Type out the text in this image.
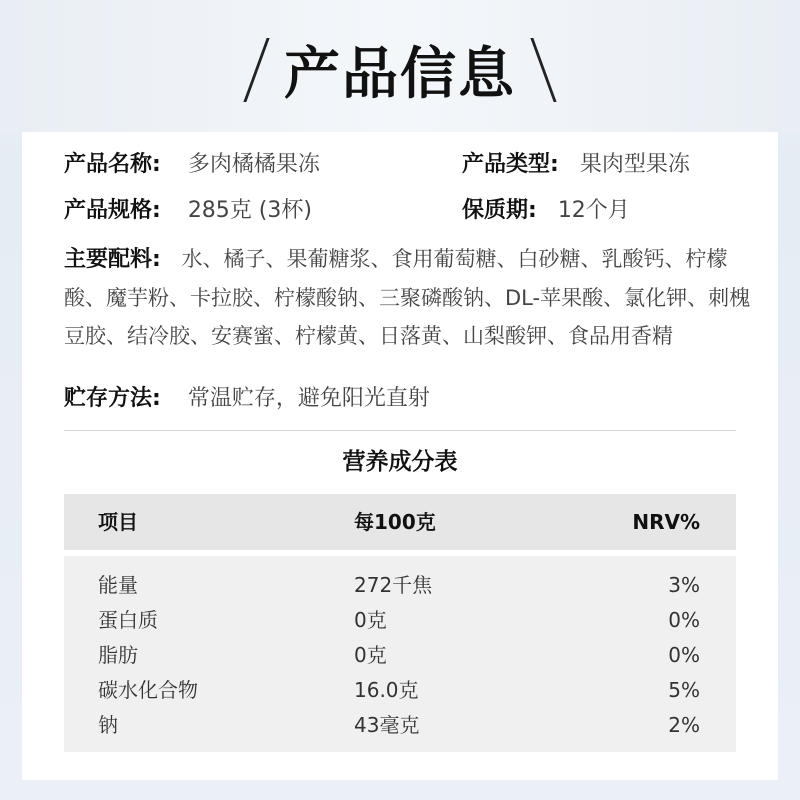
产品信息
产品名称: 多肉橘橘果冻	产品类型: 果肉型果冻
产品规格: 285克 (3杯)	保质期: 12个月
主要配料: 水、橘子、果葡糖浆、食用葡萄糖、白砂糖、乳酸钙、柠檬酸、魔芋粉、卡拉胶、柠檬酸钠、三聚磷酸钠、DL-苹果酸、氯化钾、刺槐豆胶、结冷胶、安赛蜜、柠檬黄、日落黄、山梨酸钾、食品用香精
贮存方法: 常温贮存，避免阳光直射
营养成分表
项目	每100克	NRV%
能量	272千焦	3%
蛋白质	0克	0%
脂肪	0克	0%
碳水化合物	16.0克	5%
钠	43毫克	2%
